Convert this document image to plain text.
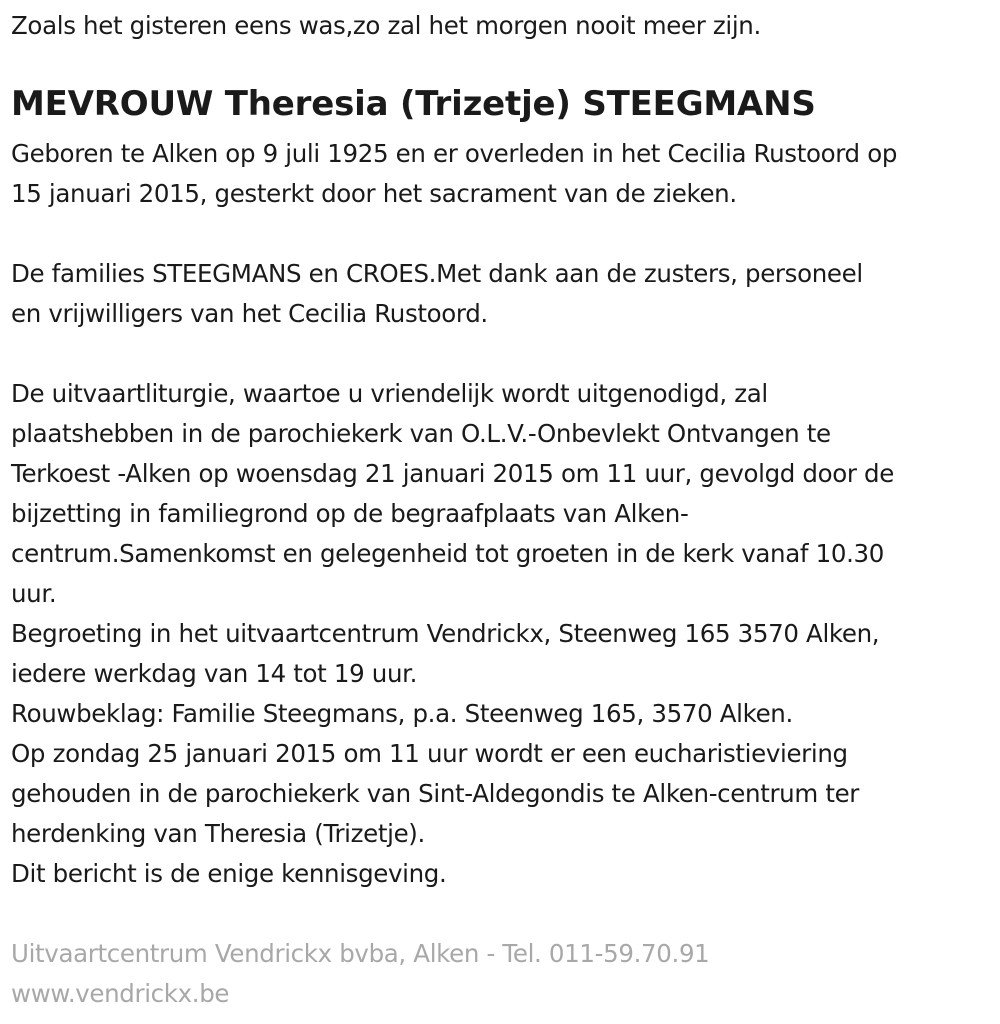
Zoals het gisteren eens was,zo zal het morgen nooit meer zijn.
MEVROUW Theresia (Trizetje) STEEGMANS
Geboren te Alken op 9 juli 1925 en er overleden in het Cecilia Rustoord op
15 januari 2015, gesterkt door het sacrament van de zieken.
De families STEEGMANS en CROES.Met dank aan de zusters, personeel
en vrijwilligers van het Cecilia Rustoord.
De uitvaartliturgie, waartoe u vriendelijk wordt uitgenodigd, zal
plaatshebben in de parochiekerk van O.L.V.-Onbevlekt Ontvangen te
Terkoest -Alken op woensdag 21 januari 2015 om 11 uur, gevolgd door de
bijzetting in familiegrond op de begraafplaats van Alken-
centrum.Samenkomst en gelegenheid tot groeten in de kerk vanaf 10.30
uur.
Begroeting in het uitvaartcentrum Vendrickx, Steenweg 165 3570 Alken,
iedere werkdag van 14 tot 19 uur.
Rouwbeklag: Familie Steegmans, p.a. Steenweg 165, 3570 Alken.
Op zondag 25 januari 2015 om 11 uur wordt er een eucharistieviering
gehouden in de parochiekerk van Sint-Aldegondis te Alken-centrum ter
herdenking van Theresia (Trizetje).
Dit bericht is de enige kennisgeving.
Uitvaartcentrum Vendrickx bvba, Alken - Tel. 011-59.70.91
www.vendrickx.be
